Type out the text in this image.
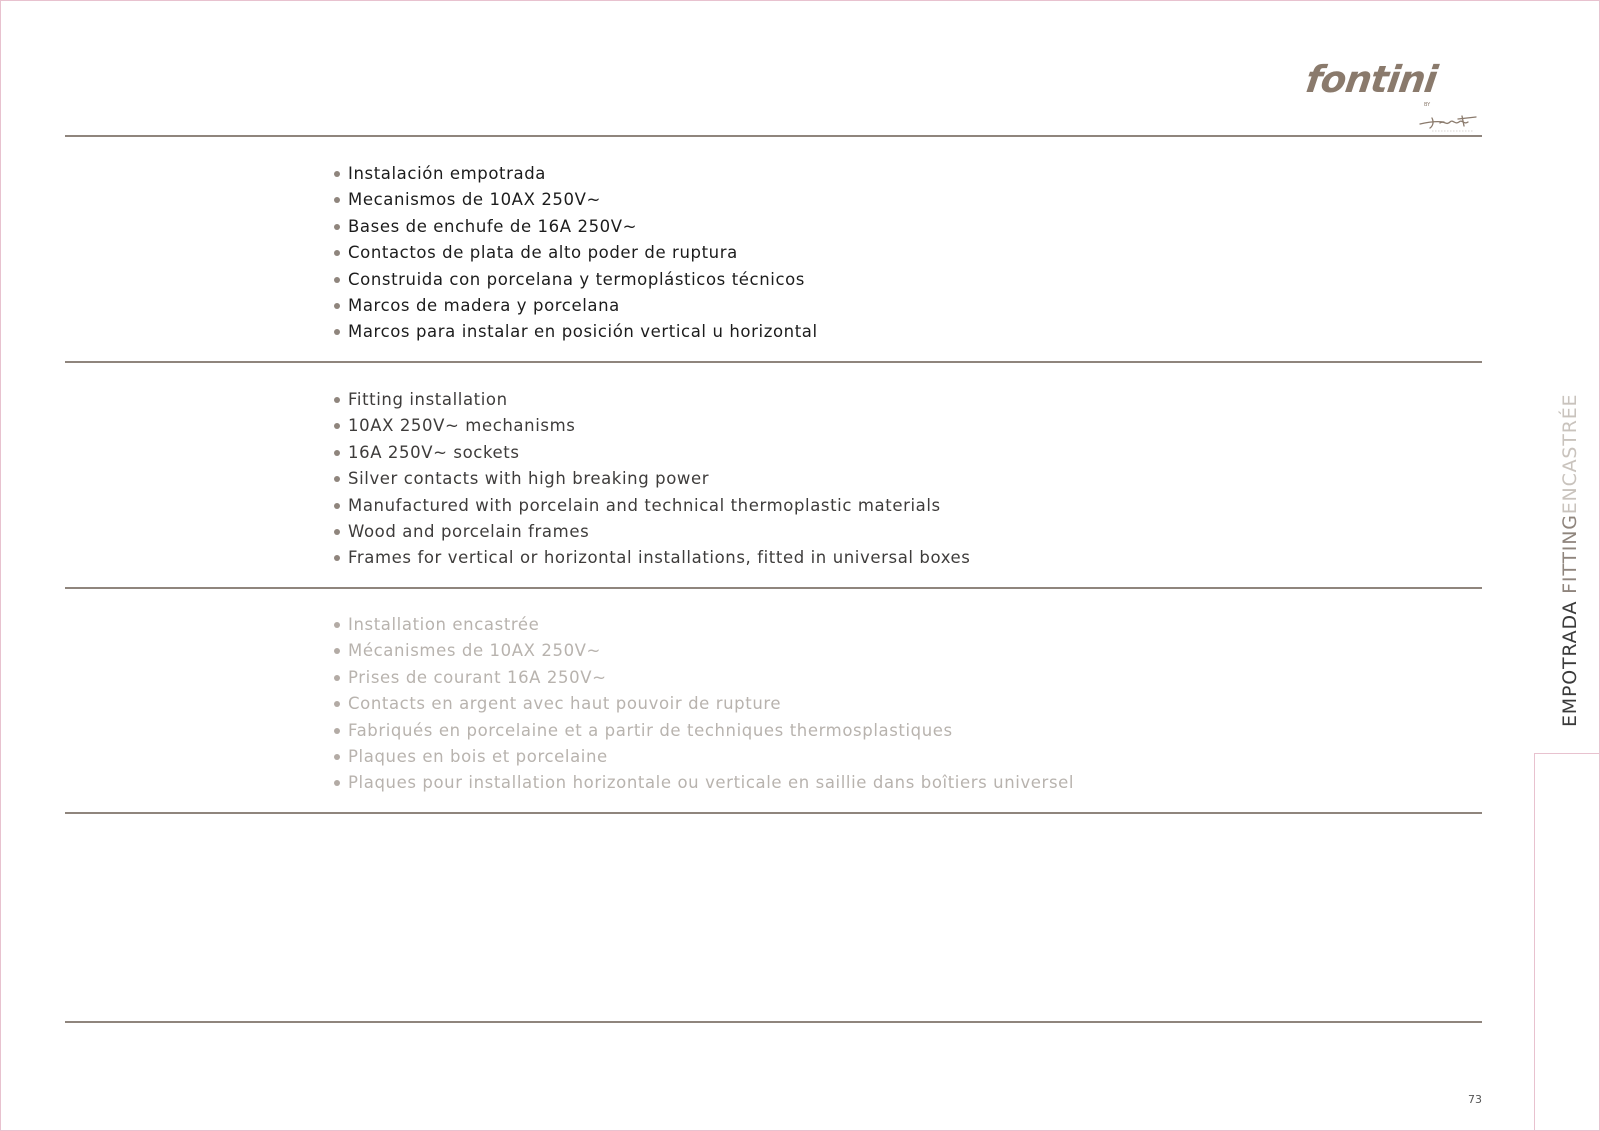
fontini
BY
Instalación empotrada
Mecanismos de 10AX 250V~
Bases de enchufe de 16A 250V~
Contactos de plata de alto poder de ruptura
Construida con porcelana y termoplásticos técnicos
Marcos de madera y porcelana
Marcos para instalar en posición vertical u horizontal
Fitting installation
10AX 250V~ mechanisms
16A 250V~ sockets
Silver contacts with high breaking power
Manufactured with porcelain and technical thermoplastic materials
Wood and porcelain frames
Frames for vertical or horizontal installations, fitted in universal boxes
Installation encastrée
Mécanismes de 10AX 250V~
Prises de courant 16A 250V~
Contacts en argent avec haut pouvoir de rupture
Fabriqués en porcelaine et a partir de techniques thermosplastiques
Plaques en bois et porcelaine
Plaques pour installation horizontale ou verticale en saillie dans boîtiers universel
EMPOTRADA FITTINGENCASTRÉE
73
